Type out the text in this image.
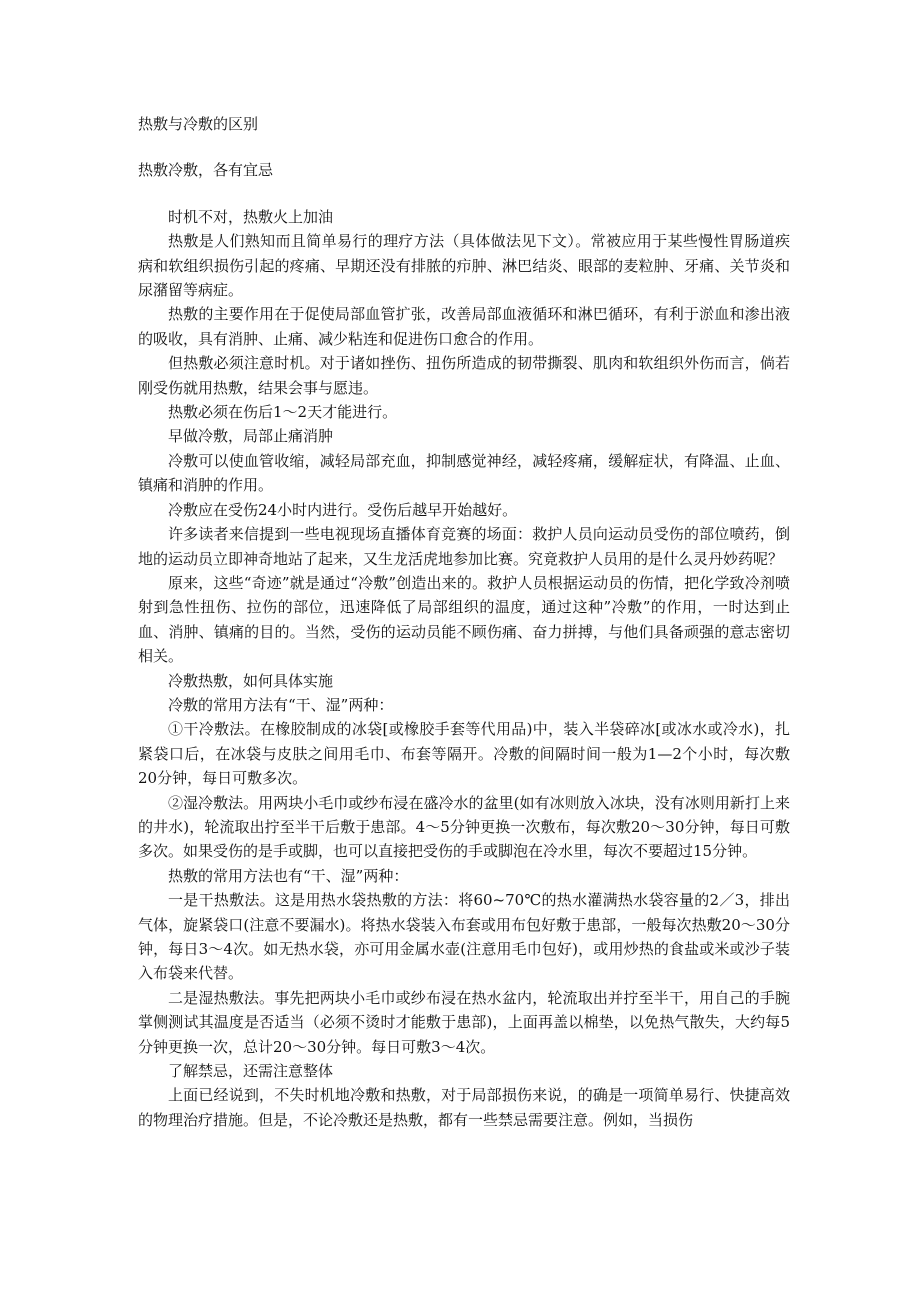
热敷与冷敷的区别
热敷冷敷，各有宜忌

时机不对，热敷火上加油

热敷是人们熟知而且简单易行的理疗方法（具体做法见下文）。常被应用于某些慢性胃肠道疾病和软组织损伤引起的疼痛、早期还没有排脓的疖肿、淋巴结炎、眼部的麦粒肿、牙痛、关节炎和尿潴留等病症。

热敷的主要作用在于促使局部血管扩张，改善局部血液循环和淋巴循环，有利于淤血和渗出液的吸收，具有消肿、止痛、减少粘连和促进伤口愈合的作用。

但热敷必须注意时机。对于诸如挫伤、扭伤所造成的韧带撕裂、肌肉和软组织外伤而言，倘若刚受伤就用热敷，结果会事与愿违。

热敷必须在伤后1～2天才能进行。

早做冷敷，局部止痛消肿

冷敷可以使血管收缩，减轻局部充血，抑制感觉神经，减轻疼痛，缓解症状，有降温、止血、镇痛和消肿的作用。

冷敷应在受伤24小时内进行。受伤后越早开始越好。

许多读者来信提到一些电视现场直播体育竞赛的场面：救护人员向运动员受伤的部位喷药，倒地的运动员立即神奇地站了起来，又生龙活虎地参加比赛。究竟救护人员用的是什么灵丹妙药呢？

原来，这些“奇迹”就是通过“冷敷”创造出来的。救护人员根据运动员的伤情，把化学致冷剂喷射到急性扭伤、拉伤的部位，迅速降低了局部组织的温度，通过这种”冷敷”的作用，一时达到止血、消肿、镇痛的目的。当然，受伤的运动员能不顾伤痛、奋力拼搏，与他们具备顽强的意志密切相关。

冷敷热敷，如何具体实施

冷敷的常用方法有“干、湿”两种：

①干冷敷法。在橡胶制成的冰袋[或橡胶手套等代用品)中，装入半袋碎冰[或冰水或冷水)，扎紧袋口后，在冰袋与皮肤之间用毛巾、布套等隔开。冷敷的间隔时间一般为1—2个小时，每次敷20分钟，每日可敷多次。

②湿冷敷法。用两块小毛巾或纱布浸在盛冷水的盆里(如有冰则放入冰块，没有冰则用新打上来的井水)，轮流取出拧至半干后敷于患部。4～5分钟更换一次敷布，每次敷20～30分钟，每日可敷多次。如果受伤的是手或脚，也可以直接把受伤的手或脚泡在冷水里，每次不要超过15分钟。

热敷的常用方法也有“干、湿”两种：

一是干热敷法。这是用热水袋热敷的方法：将60~70℃的热水灌满热水袋容量的2／3，排出气体，旋紧袋口(注意不要漏水)。将热水袋装入布套或用布包好敷于患部，一般每次热敷20～30分钟，每日3～4次。如无热水袋，亦可用金属水壶(注意用毛巾包好)，或用炒热的食盐或米或沙子装入布袋来代替。

二是湿热敷法。事先把两块小毛巾或纱布浸在热水盆内，轮流取出并拧至半干，用自己的手腕掌侧测试其温度是否适当（必须不烫时才能敷于患部)，上面再盖以棉垫，以免热气散失，大约每5分钟更换一次，总计20～30分钟。每日可敷3～4次。

了解禁忌，还需注意整体

上面已经说到，不失时机地冷敷和热敷，对于局部损伤来说，的确是一项简单易行、快捷高效的物理治疗措施。但是，不论冷敷还是热敷，都有一些禁忌需要注意。例如，当损伤
